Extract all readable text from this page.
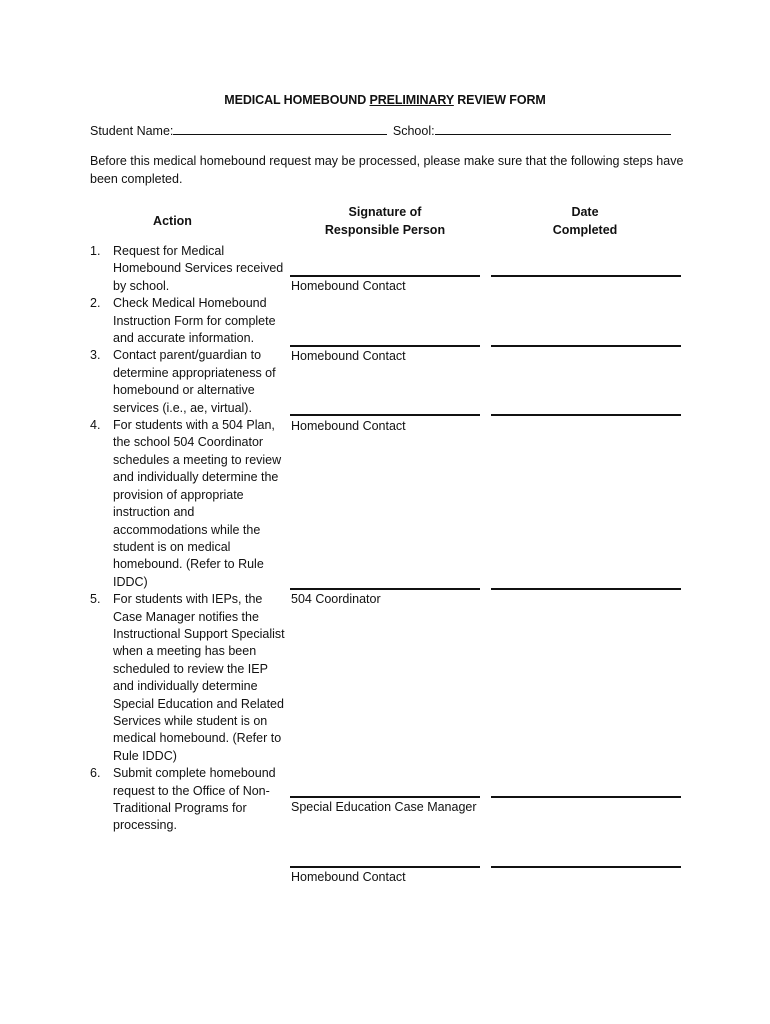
MEDICAL HOMEBOUND PRELIMINARY REVIEW FORM
Student Name:	School:
Before this medical homebound request may be processed, please make sure that the following steps have been completed.
Action
Signature of
Responsible Person
Date
Completed
1. Request for Medical Homebound Services received by school.
2. Check Medical Homebound Instruction Form for complete and accurate information.
3. Contact parent/guardian to determine appropriateness of homebound or alternative services (i.e., ae, virtual).
4. For students with a 504 Plan, the school 504 Coordinator schedules a meeting to review and individually determine the provision of appropriate instruction and accommodations while the student is on medical homebound. (Refer to Rule IDDC)
5. For students with IEPs, the Case Manager notifies the Instructional Support Specialist when a meeting has been scheduled to review the IEP and individually determine Special Education and Related Services while student is on medical homebound. (Refer to Rule IDDC)
6. Submit complete homebound request to the Office of Non-Traditional Programs for processing.
Homebound Contact
Homebound Contact
Homebound Contact
504 Coordinator
Special Education Case Manager
Homebound Contact
